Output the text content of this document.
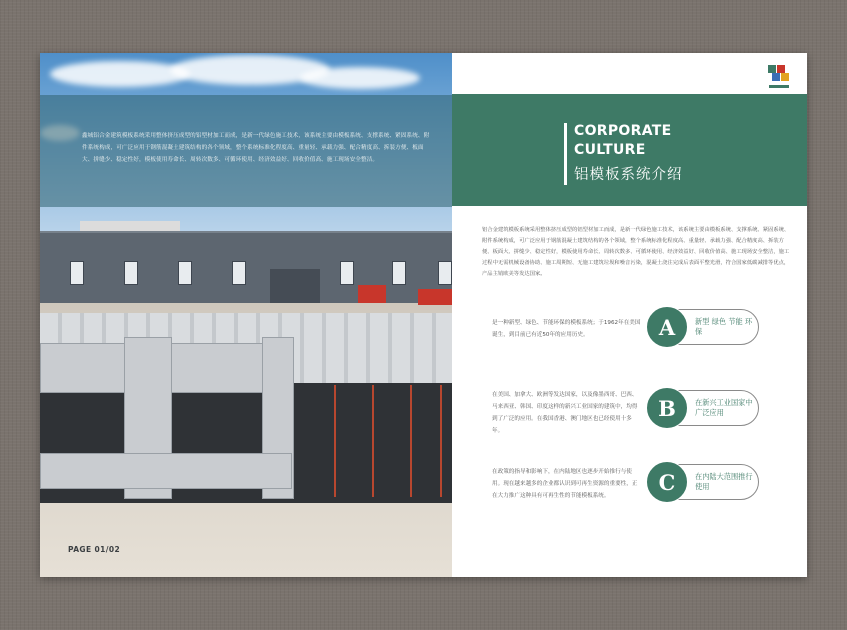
鑫城铝合金建筑模板系统采用整体挤压成型的铝型材加工而成，是新一代绿色施工技术，该系统主要由模板系统、支撑系统、紧固系统、附件系统构成，可广泛应用于钢筋混凝土建筑结构的各个领域，整个系统标准化程度高、重量轻、承载力强、配合精度高、拆装方便、板面大、拼缝少、稳定性好，模板使用寿命长、周转次数多、可循环使用、经济效益好、回收价值高、施工现场安全整洁。
PAGE 01/02
CORPORATE
CULTURE
铝模板系统介绍
铝合金建筑模板系统采用整体挤压成型的铝型材加工而成，是新一代绿色施工技术，该系统主要由模板系统、支撑系统、紧固系统、附件系统构成，可广泛应用于钢筋混凝土建筑结构的各个领域，整个系统标准化程度高、重量轻、承载力强、配合精度高、拆装方便、板面大、拼缝少、稳定性好，模板使用寿命长、周转次数多、可循环使用、经济效益好、回收价值高、施工现场安全整洁，施工过程中无需机械设备协助、施工周期短、无施工建筑垃圾和噪音污染，混凝土浇注完成后表面平整光滑，符合国家低碳减排等优点，产品主销欧美等发达国家。
是一种新型、绿色、节能环保的模板系统；于1962年在美国诞生，到目前已有近50年的应用历史。	A	新型 绿色 节能 环保
在美国、加拿大、欧洲等发达国家，以及像墨西哥、巴西、马来西亚、韩国、印度这样的新兴工业国家的建筑中，均得到了广泛的应用。在我国香港、澳门地区也已经使用十多年。
B	在新兴工业国家中广泛应用
在政策的指导和影响下，在内陆地区也逐步开始推行与使用。现在越来越多的企业都认识到可再生资源的重要性，正在大力推广这种具有可再生性的节能模板系统。
C	在内陆大范围推行使用
